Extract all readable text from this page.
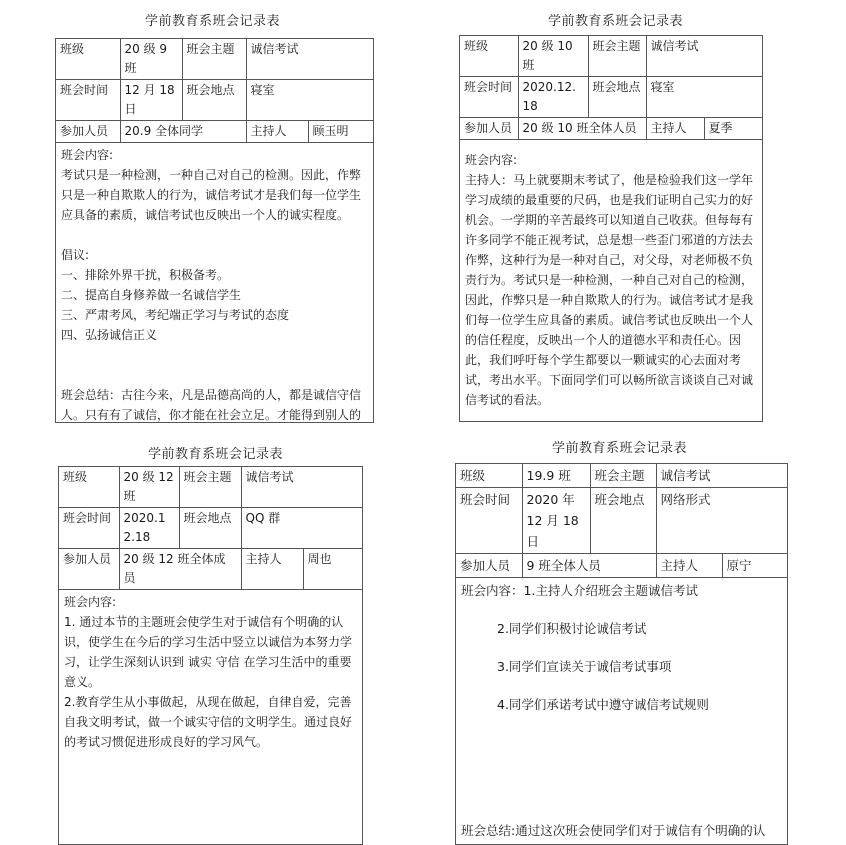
学前教育系班会记录表
班级	20 级 9 班	班会主题	诚信考试	
班会时间	12 月 18 日	班会地点	寝室	
参加人员	20.9 全体同学		主持人	顾玉明
班会内容:
考试只是一种检测，一种自己对自己的检测。因此，作弊只是一种自欺欺人的行为，诚信考试才是我们每一位学生应具备的素质，诚信考试也反映出一个人的诚实程度。
倡议:
一、排除外界干扰，积极备考。
二、提高自身修养做一名诚信学生
三、严肃考风，考纪端正学习与考试的态度
四、弘扬诚信正义
班会总结：古往今来，凡是品德高尚的人，都是诚信守信人。只有有了诚信，你才能在社会立足。才能得到别人的
学前教育系班会记录表
班级	20 级 10 班	班会主题	诚信考试	
班会时间	2020.12.18	班会地点	寝室	
参加人员	20 级 10 班全体人员		主持人	夏季
班会内容:
主持人：马上就要期末考试了，他是检验我们这一学年学习成绩的最重要的尺码，也是我们证明自己实力的好机会。一学期的辛苦最终可以知道自己收获。但每每有许多同学不能正视考试，总是想一些歪门邪道的方法去作弊，这种行为是一种对自己，对父母，对老师极不负责行为。考试只是一种检测，一种自己对自己的检测，因此，作弊只是一种自欺欺人的行为。诚信考试才是我们每一位学生应具备的素质。诚信考试也反映出一个人的信任程度，反映出一个人的道德水平和责任心。因此，我们呼吁每个学生都要以一颗诚实的心去面对考试，考出水平。下面同学们可以畅所欲言谈谈自己对诚信考试的看法。
学前教育系班会记录表
班级	20 级 12 班	班会主题	诚信考试	
班会时间	2020.12.18	班会地点	QQ 群	
参加人员	20 级 12 班全体成员		主持人	周也
班会内容:
1. 通过本节的主题班会使学生对于诚信有个明确的认识，使学生在今后的学习生活中竖立以诚信为本努力学习，让学生深刻认识到 诚实 守信 在学习生活中的重要意义。
2.教育学生从小事做起，从现在做起，自律自爱，完善自我文明考试，做一个诚实守信的文明学生。通过良好的考试习惯促进形成良好的学习风气。
学前教育系班会记录表
班级	19.9 班	班会主题	诚信考试	
班会时间	2020 年 12 月 18 日	班会地点	网络形式	
参加人员	9 班全体人员		主持人	原宁
班会内容：1.主持人介绍班会主题诚信考试
2.同学们积极讨论诚信考试
3.同学们宣读关于诚信考试事项
4.同学们承诺考试中遵守诚信考试规则
班会总结:通过这次班会使同学们对于诚信有个明确的认
